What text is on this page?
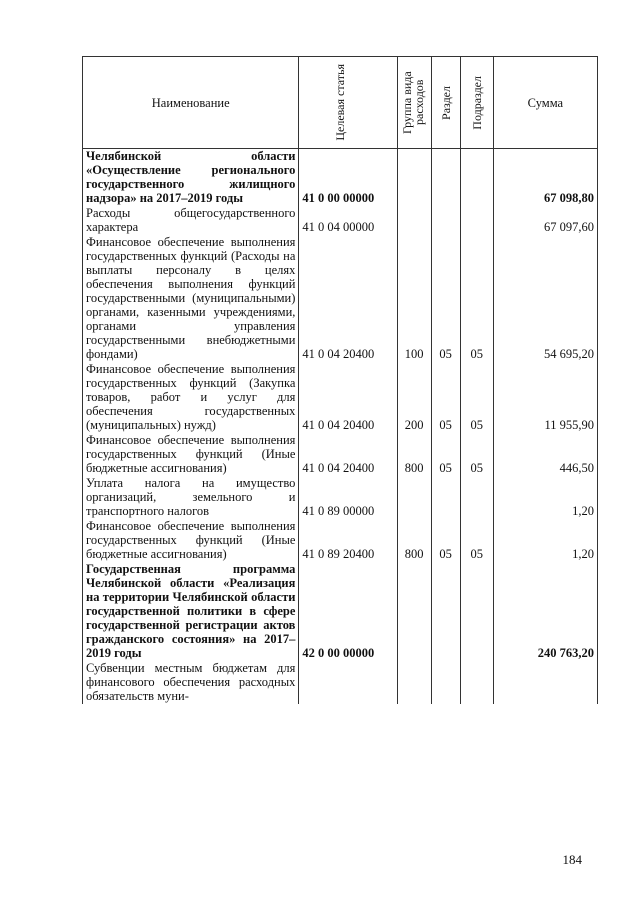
Наименование	Целевая статья	Группа вида расходов	Раздел	Подраздел	Сумма
Челябинской области «Осуществление регионального государственного жилищного надзора» на 2017–2019 годы	41 0 00 00000				67 098,80
Расходы общегосударственного характера	41 0 04 00000				67 097,60
Финансовое обеспечение выполнения государственных функций (Расходы на выплаты персоналу в целях обеспечения выполнения функций государственными (муниципальными) органами, казенными учреждениями, органами управления государственными внебюджетными фондами)	41 0 04 20400	100	05	05	54 695,20
Финансовое обеспечение выполнения государственных функций (Закупка товаров, работ и услуг для обеспечения государственных (муниципальных) нужд)	41 0 04 20400	200	05	05	11 955,90
Финансовое обеспечение выполнения государственных функций (Иные бюджетные ассигнования)	41 0 04 20400	800	05	05	446,50
Уплата налога на имущество организаций, земельного и транспортного налогов	41 0 89 00000				1,20
Финансовое обеспечение выполнения государственных функций (Иные бюджетные ассигнования)	41 0 89 20400	800	05	05	1,20
Государственная программа Челябинской области «Реализация на территории Челябинской области государственной политики в сфере государственной регистрации актов гражданского состояния» на 2017–2019 годы	42 0 00 00000				240 763,20
Субвенции местным бюджетам для финансового обеспечения расходных обязательств муни-					
184
